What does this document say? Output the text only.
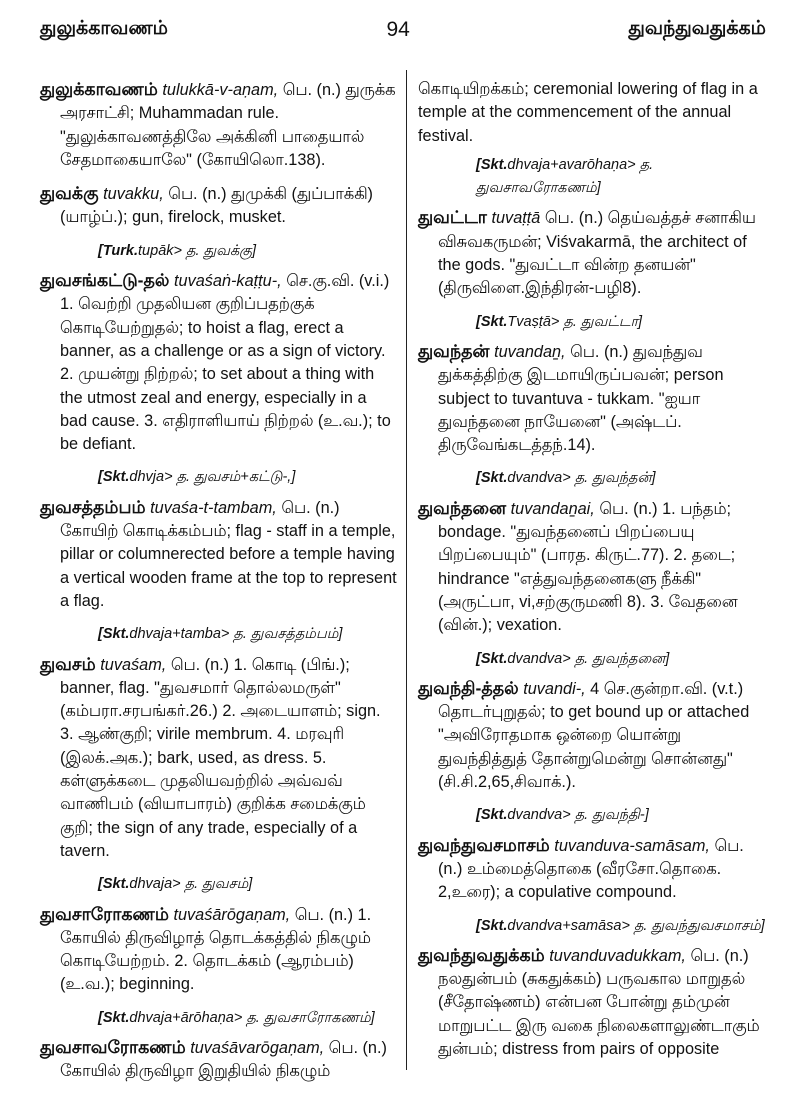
துலுக்காவணம்	94	துவந்துவதுக்கம்
துலுக்காவணம் tulukkā-v-aṇam, பெ. (n.) துருக்க அரசாட்சி; Muhammadan rule. "துலுக்காவணத்திலே அக்கினி பாதையால் சேதமாகையாலே" (கோயிலொ.138).
துவக்கு tuvakku, பெ. (n.) துமுக்கி (துப்பாக்கி) (யாழ்ப்.); gun, firelock, musket.
[Turk.tupāk> த. துவக்கு]
துவசங்கட்டு-தல் tuvaśaṅ-kaṭṭu-, செ.கு.வி. (v.i.) 1. வெற்றி முதலியன குறிப்பதற்குக் கொடியேற்றுதல்; to hoist a flag, erect a banner, as a challenge or as a sign of victory. 2. முயன்று நிற்றல்; to set about a thing with the utmost zeal and energy, especially in a bad cause. 3. எதிராளியாய் நிற்றல் (உ.வ.); to be defiant.
[Skt.dhvja> த. துவசம்+கட்டு-,]
துவசத்தம்பம் tuvaśa-t-tambam, பெ. (n.) கோயிற் கொடிக்கம்பம்; flag - staff in a temple, pillar or columnerected before a temple having a vertical wooden frame at the top to represent a flag.
[Skt.dhvaja+tamba> த. துவசத்தம்பம்]
துவசம் tuvaśam, பெ. (n.) 1. கொடி (பிங்.); banner, flag. "துவசமார் தொல்லமருள்" (கம்பரா.சரபங்கர்.26.) 2. அடையாளம்; sign. 3. ஆண்குறி; virile membrum. 4. மரவுரி (இலக்.அக.); bark, used, as dress. 5. கள்ளுக்கடை முதலியவற்றில் அவ்வவ் வாணிபம் (வியாபாரம்) குறிக்க சமைக்கும் குறி; the sign of any trade, especially of a tavern.
[Skt.dhvaja> த. துவசம்]
துவசாரோகணம் tuvaśārōgaṇam, பெ. (n.) 1. கோயில் திருவிழாத் தொடக்கத்தில் நிகழும் கொடியேற்றம். 2. தொடக்கம் (ஆரம்பம்) (உ.வ.); beginning.
[Skt.dhvaja+ārōhaṇa> த. துவசாரோகணம்]
துவசாவரோகணம் tuvaśāvarōgaṇam, பெ. (n.) கோயில் திருவிழா இறுதியில் நிகழும்
கொடியிறக்கம்; ceremonial lowering of flag in a temple at the commencement of the annual festival.
[Skt.dhvaja+avarōhaṇa> த. துவசாவரோகணம்]
துவட்டா tuvaṭṭā பெ. (n.) தெய்வத்தச் சனாகிய விசுவகருமன்; Viśvakarmā, the architect of the gods. "துவட்டா வின்ற தனயன்" (திருவிளை.இந்திரன்-பழி8).
[Skt.Tvaṣṭā> த. துவட்டா]
துவந்தன் tuvandaṉ, பெ. (n.) துவந்துவ துக்கத்திற்கு இடமாயிருப்பவன்; person subject to tuvantuva - tukkam. "ஐயா துவந்தனை நாயேனை" (அஷ்டப். திருவேங்கடத்தந்.14).
[Skt.dvandva> த. துவந்தன்]
துவந்தனை tuvandaṉai, பெ. (n.) 1. பந்தம்; bondage. "துவந்தனைப் பிறப்பையு பிறப்பையும்" (பாரத. கிருட்.77). 2. தடை; hindrance "எத்துவந்தனைகளு நீக்கி" (அருட்பா, vi,சற்குருமணி 8). 3. வேதனை (வின்.); vexation.
[Skt.dvandva> த. துவந்தனை]
துவந்தி-த்தல் tuvandi-, 4 செ.குன்றா.வி. (v.t.) தொடர்புறுதல்; to get bound up or attached "அவிரோதமாக ஒன்றை யொன்று துவந்தித்துத் தோன்றுமென்று சொன்னது" (சி.சி.2,65,சிவாக்.).
[Skt.dvandva> த. துவந்தி-]
துவந்துவசமாசம் tuvanduva-samāsam, பெ. (n.) உம்மைத்தொகை (வீரசோ.தொகை. 2,உரை); a copulative compound.
[Skt.dvandva+samāsa> த. துவந்துவசமாசம்]
துவந்துவதுக்கம் tuvanduvadukkam, பெ. (n.) நலதுன்பம் (சுகதுக்கம்) பருவகால மாறுதல் (சீதோஷ்ணம்) என்பன போன்று தம்முன் மாறுபட்ட இரு வகை நிலைகளாலுண்டாகும் துன்பம்; distress from pairs of opposite
